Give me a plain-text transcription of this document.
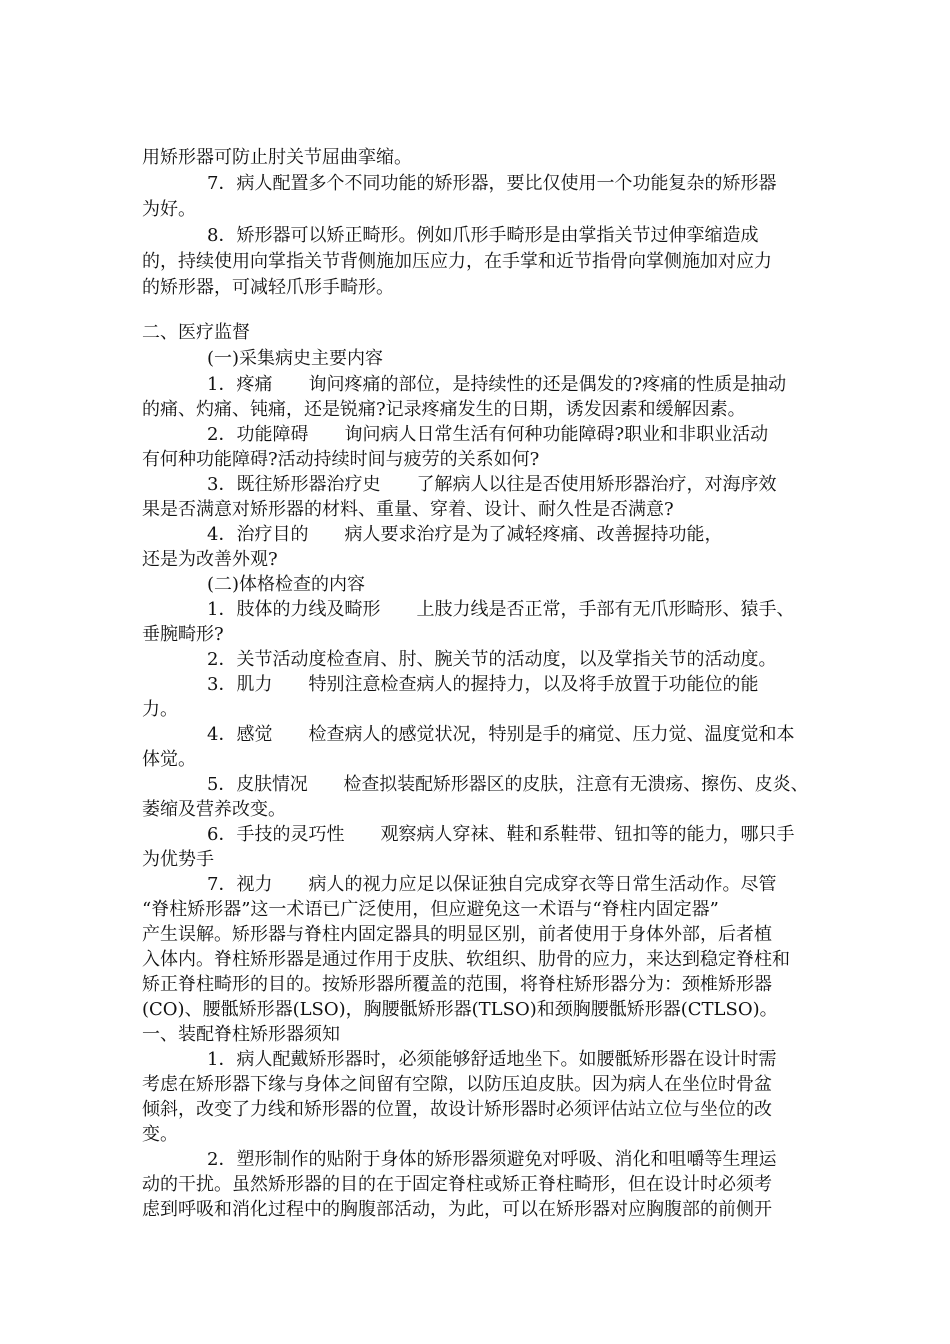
用矫形器可防止肘关节屈曲挛缩。
7．病人配置多个不同功能的矫形器，要比仅使用一个功能复杂的矫形器
为好。
8．矫形器可以矫正畸形。例如爪形手畸形是由掌指关节过伸挛缩造成
的，持续使用向掌指关节背侧施加压应力，在手掌和近节指骨向掌侧施加对应力
的矫形器，可减轻爪形手畸形。
二、医疗监督
(一)采集病史主要内容
1．疼痛　　询问疼痛的部位，是持续性的还是偶发的?疼痛的性质是抽动
的痛、灼痛、钝痛，还是锐痛?记录疼痛发生的日期，诱发因素和缓解因素。
2．功能障碍　　询问病人日常生活有何种功能障碍?职业和非职业活动
有何种功能障碍?活动持续时间与疲劳的关系如何?
3．既往矫形器治疗史　　了解病人以往是否使用矫形器治疗，对海序效
果是否满意对矫形器的材料、重量、穿着、设计、耐久性是否满意?
4．治疗目的　　病人要求治疗是为了减轻疼痛、改善握持功能，
还是为改善外观?
(二)体格检查的内容
1．肢体的力线及畸形　　上肢力线是否正常，手部有无爪形畸形、猿手、
垂腕畸形?
2．关节活动度检查肩、肘、腕关节的活动度，以及掌指关节的活动度。
3．肌力　　特别注意检查病人的握持力，以及将手放置于功能位的能
力。
4．感觉　　检查病人的感觉状况，特别是手的痛觉、压力觉、温度觉和本
体觉。
5．皮肤情况　　检查拟装配矫形器区的皮肤，注意有无溃疡、擦伤、皮炎、
萎缩及营养改变。
6．手技的灵巧性　　观察病人穿袜、鞋和系鞋带、钮扣等的能力，哪只手
为优势手
7．视力　　病人的视力应足以保证独自完成穿衣等日常生活动作。尽管
“脊柱矫形器”这一术语已广泛使用，但应避免这一术语与“脊柱内固定器”
产生误解。矫形器与脊柱内固定器具的明显区别，前者使用于身体外部，后者植
入体内。脊柱矫形器是通过作用于皮肤、软组织、肋骨的应力，来达到稳定脊柱和
矫正脊柱畸形的目的。按矫形器所覆盖的范围，将脊柱矫形器分为：颈椎矫形器
(CO)、腰骶矫形器(LSO)，胸腰骶矫形器(TLSO)和颈胸腰骶矫形器(CTLSO)。
一、装配脊柱矫形器须知
1．病人配戴矫形器时，必须能够舒适地坐下。如腰骶矫形器在设计时需
考虑在矫形器下缘与身体之间留有空隙，以防压迫皮肤。因为病人在坐位时骨盆
倾斜，改变了力线和矫形器的位置，故设计矫形器时必须评估站立位与坐位的改
变。
2．塑形制作的贴附于身体的矫形器须避免对呼吸、消化和咀嚼等生理运
动的干扰。虽然矫形器的目的在于固定脊柱或矫正脊柱畸形，但在设计时必须考
虑到呼吸和消化过程中的胸腹部活动，为此，可以在矫形器对应胸腹部的前侧开
